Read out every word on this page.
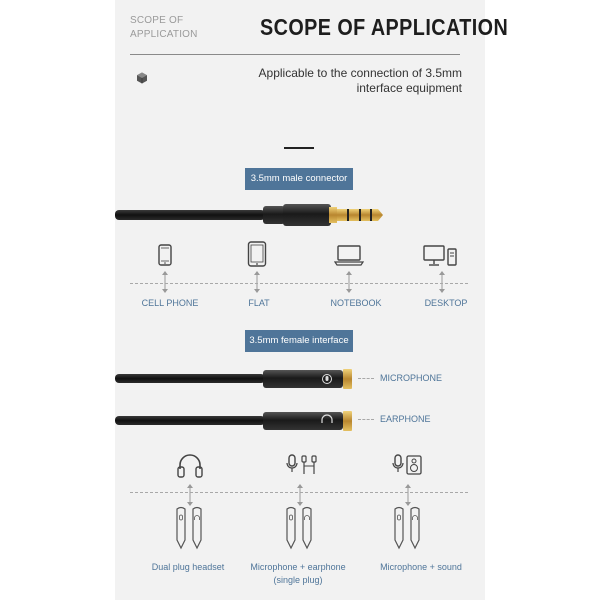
SCOPE OF
APPLICATION	SCOPE OF APPLICATION
Applicable to the connection of 3.5mm
interface equipment
3.5mm male connector
CELL PHONE	FLAT	NOTEBOOK	DESKTOP
3.5mm female interface
MICROPHONE
EARPHONE
Dual plug headset	Microphone + earphone
(single plug)
Microphone + sound
